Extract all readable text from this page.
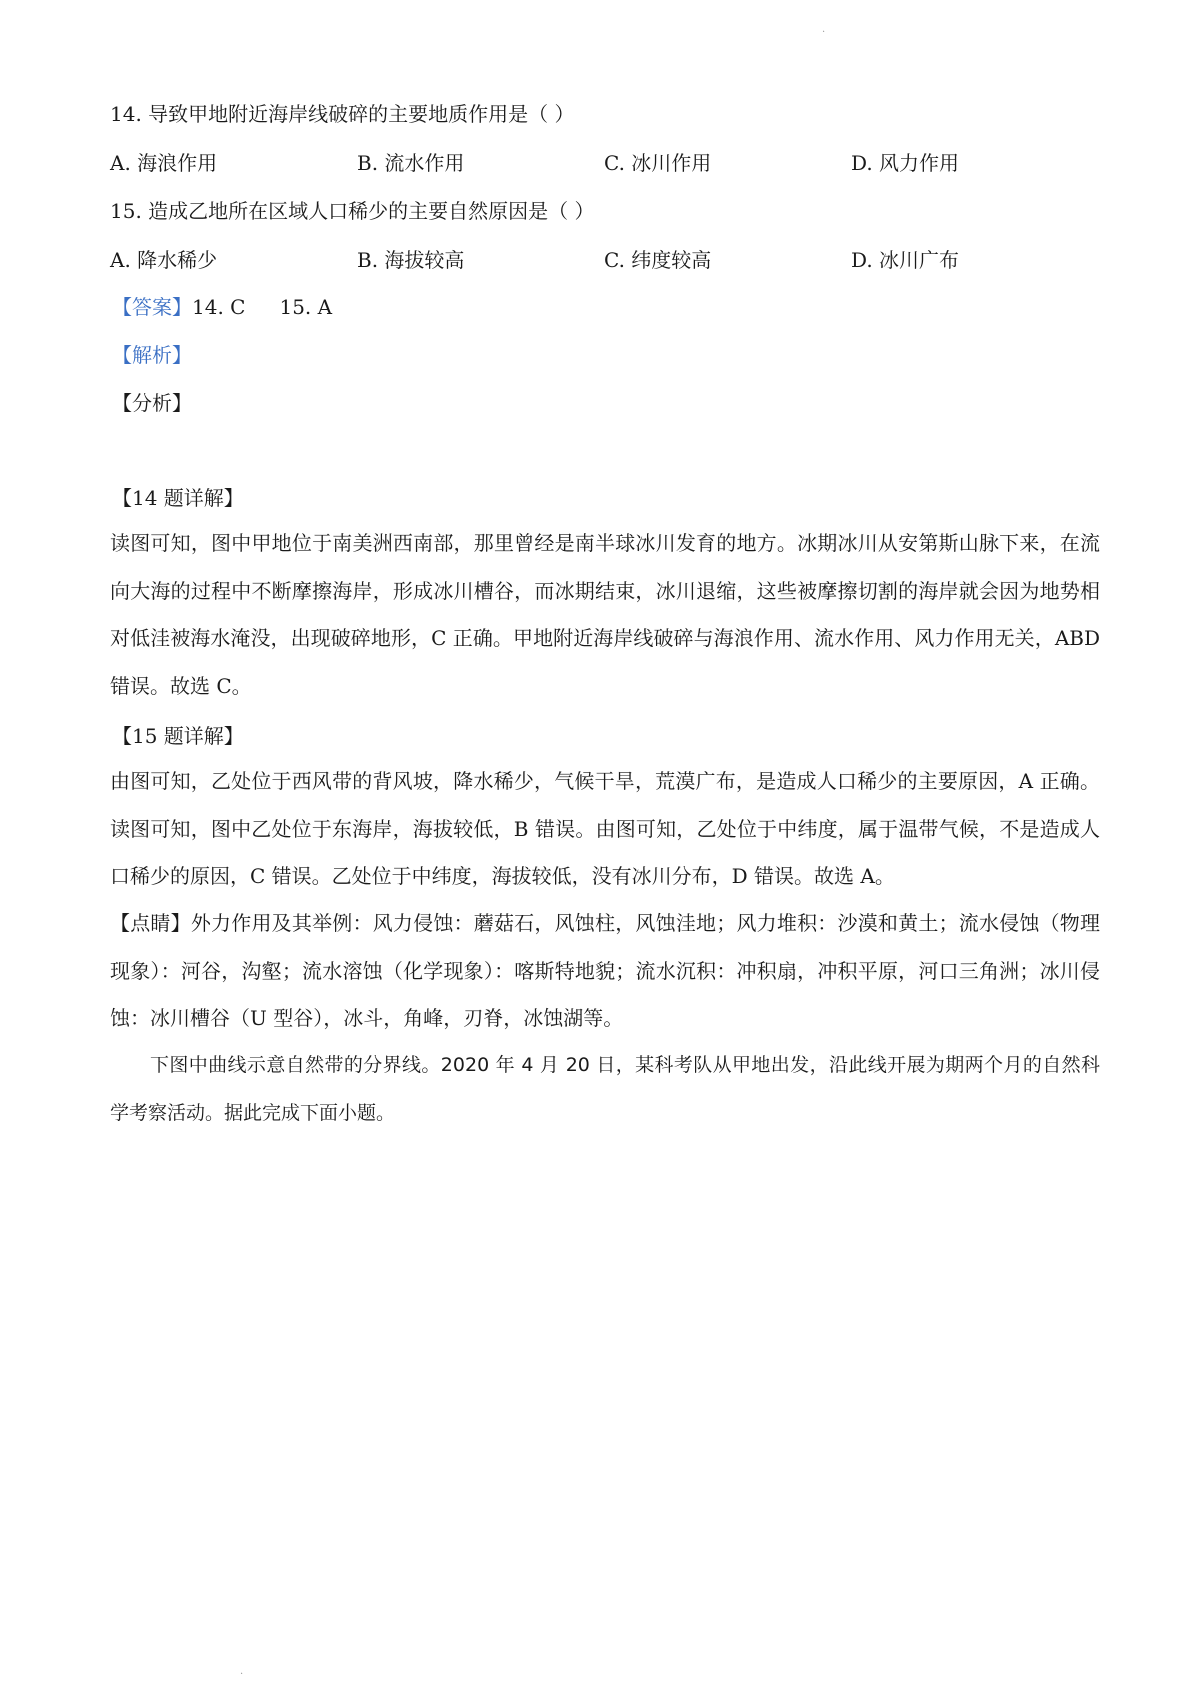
.
14. 导致甲地附近海岸线破碎的主要地质作用是（ ）
A. 海浪作用	B. 流水作用	C. 冰川作用	D. 风力作用
15. 造成乙地所在区域人口稀少的主要自然原因是（ ）
A. 降水稀少	B. 海拔较高	C. 纬度较高	D. 冰川广布
【答案】14. C 15. A
【解析】
【分析】
【14 题详解】
读图可知，图中甲地位于南美洲西南部，那里曾经是南半球冰川发育的地方。冰期冰川从安第斯山脉下来，在流向大海的过程中不断摩擦海岸，形成冰川槽谷，而冰期结束，冰川退缩，这些被摩擦切割的海岸就会因为地势相对低洼被海水淹没，出现破碎地形，C 正确。甲地附近海岸线破碎与海浪作用、流水作用、风力作用无关，ABD 错误。故选 C。
【15 题详解】
由图可知，乙处位于西风带的背风坡，降水稀少，气候干旱，荒漠广布，是造成人口稀少的主要原因，A 正确。读图可知，图中乙处位于东海岸，海拔较低，B 错误。由图可知，乙处位于中纬度，属于温带气候，不是造成人口稀少的原因，C 错误。乙处位于中纬度，海拔较低，没有冰川分布，D 错误。故选 A。
【点睛】外力作用及其举例：风力侵蚀：蘑菇石，风蚀柱，风蚀洼地；风力堆积：沙漠和黄土；流水侵蚀（物理现象）：河谷，沟壑；流水溶蚀（化学现象）：喀斯特地貌；流水沉积：冲积扇，冲积平原，河口三角洲；冰川侵蚀：冰川槽谷（U 型谷），冰斗，角峰，刃脊，冰蚀湖等。
下图中曲线示意自然带的分界线。2020 年 4 月 20 日，某科考队从甲地出发，沿此线开展为期两个月的自然科学考察活动。据此完成下面小题。
.
